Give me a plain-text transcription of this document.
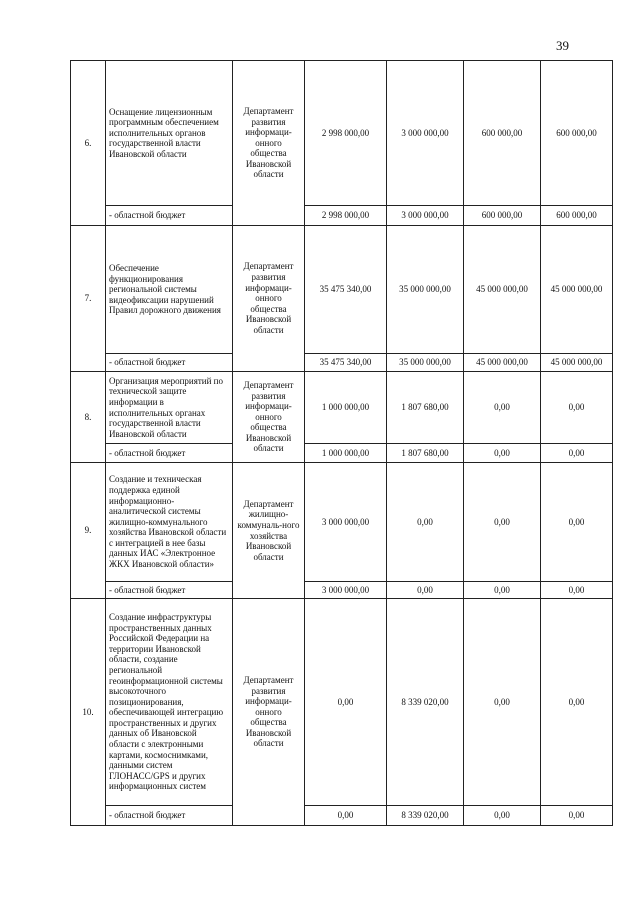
39
6.	Оснащение лицензионным программным обеспечением исполнительных органов государственной власти Ивановской области	Департамент развития информаци-онного общества Ивановской области	2 998 000,00	3 000 000,00	600 000,00	600 000,00
	- областной бюджет		2 998 000,00	3 000 000,00	600 000,00	600 000,00
7.	Обеспечение функционирования региональной системы видеофиксации нарушений Правил дорожного движения	Департамент развития информаци-онного общества Ивановской области	35 475 340,00	35 000 000,00	45 000 000,00	45 000 000,00
	- областной бюджет		35 475 340,00	35 000 000,00	45 000 000,00	45 000 000,00
8.	Организация мероприятий по технической защите информации в исполнительных органах государственной власти Ивановской области	Департамент развития информаци-онного общества Ивановской области	1 000 000,00	1 807 680,00	0,00	0,00
	- областной бюджет		1 000 000,00	1 807 680,00	0,00	0,00
9.	Создание и техническая поддержка единой информационно-аналитической системы жилищно-коммунального хозяйства Ивановской области с интеграцией в нее базы данных ИАС «Электронное ЖКХ Ивановской области»	Департамент жилищно-коммуналь-ного хозяйства Ивановской области	3 000 000,00	0,00	0,00	0,00
	- областной бюджет		3 000 000,00	0,00	0,00	0,00
10.	Создание инфраструктуры пространственных данных Российской Федерации на территории Ивановской области, создание региональной геоинформационной системы высокоточного позиционирования, обеспечивающей интеграцию пространственных и других данных об Ивановской области с электронными картами, космоснимками, данными систем ГЛОНАСС/GPS и других информационных систем	Департамент развития информаци-онного общества Ивановской области	0,00	8 339 020,00	0,00	0,00
	- областной бюджет		0,00	8 339 020,00	0,00	0,00
